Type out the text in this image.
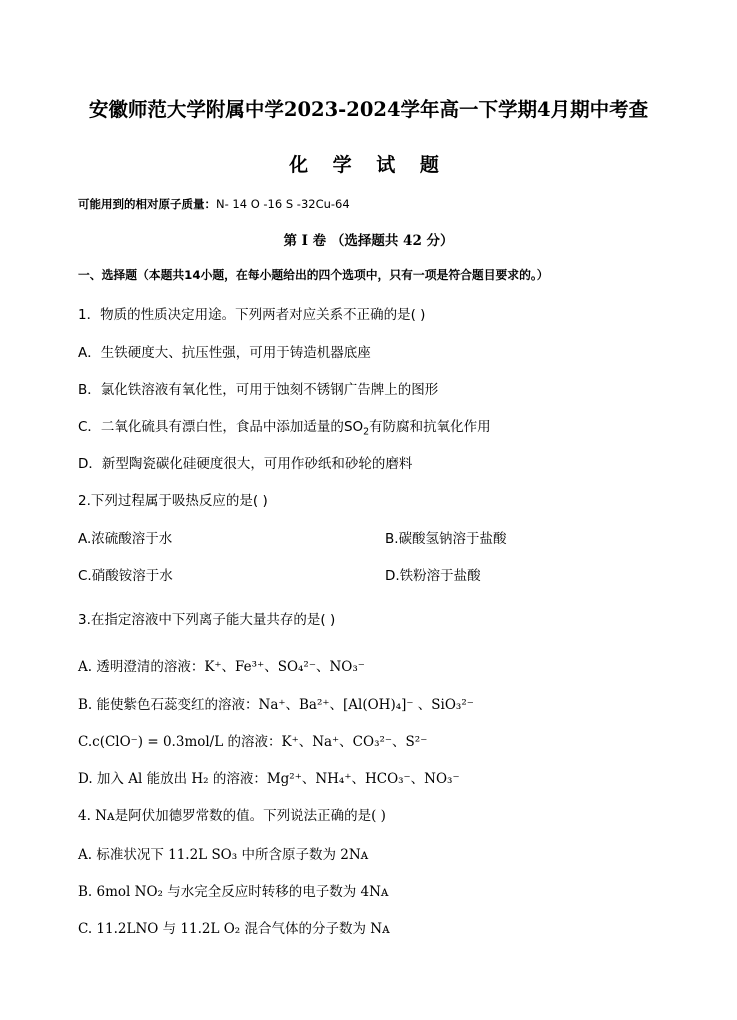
安徽师范大学附属中学2023-2024学年高一下学期4月期中考查
化 学 试 题
可能用到的相对原子质量：N- 14 O -16 S -32Cu-64
第 I 卷 （选择题共 42 分）
一、选择题（本题共14小题，在每小题给出的四个选项中，只有一项是符合题目要求的。）
1．物质的性质决定用途。下列两者对应关系不正确的是( )
A．生铁硬度大、抗压性强，可用于铸造机器底座
B．氯化铁溶液有氧化性，可用于蚀刻不锈钢广告牌上的图形
C．二氧化硫具有漂白性，食品中添加适量的$SO_2$有防腐和抗氧化作用
D．新型陶瓷碳化硅硬度很大，可用作砂纸和砂轮的磨料
2.下列过程属于吸热反应的是( )
A.浓硫酸溶于水	B.碳酸氢钠溶于盐酸
C.硝酸铵溶于水	D.铁粉溶于盐酸
3.在指定溶液中下列离子能大量共存的是( )
A. 透明澄清的溶液：K⁺、Fe³⁺、SO₄²⁻、NO₃⁻
B. 能使紫色石蕊变红的溶液：Na⁺、Ba²⁺、[Al(OH)₄]⁻ 、SiO₃²⁻
C.c(ClO⁻) = 0.3mol/L 的溶液：K⁺、Na⁺、CO₃²⁻、S²⁻
D. 加入 Al 能放出 H₂ 的溶液：Mg²⁺、NH₄⁺、HCO₃⁻、NO₃⁻
4. Nᴀ是阿伏加德罗常数的值。下列说法正确的是( )
A. 标准状况下 11.2L SO₃ 中所含原子数为 2Nᴀ
B. 6mol NO₂ 与水完全反应时转移的电子数为 4Nᴀ
C. 11.2LNO 与 11.2L O₂ 混合气体的分子数为 Nᴀ
